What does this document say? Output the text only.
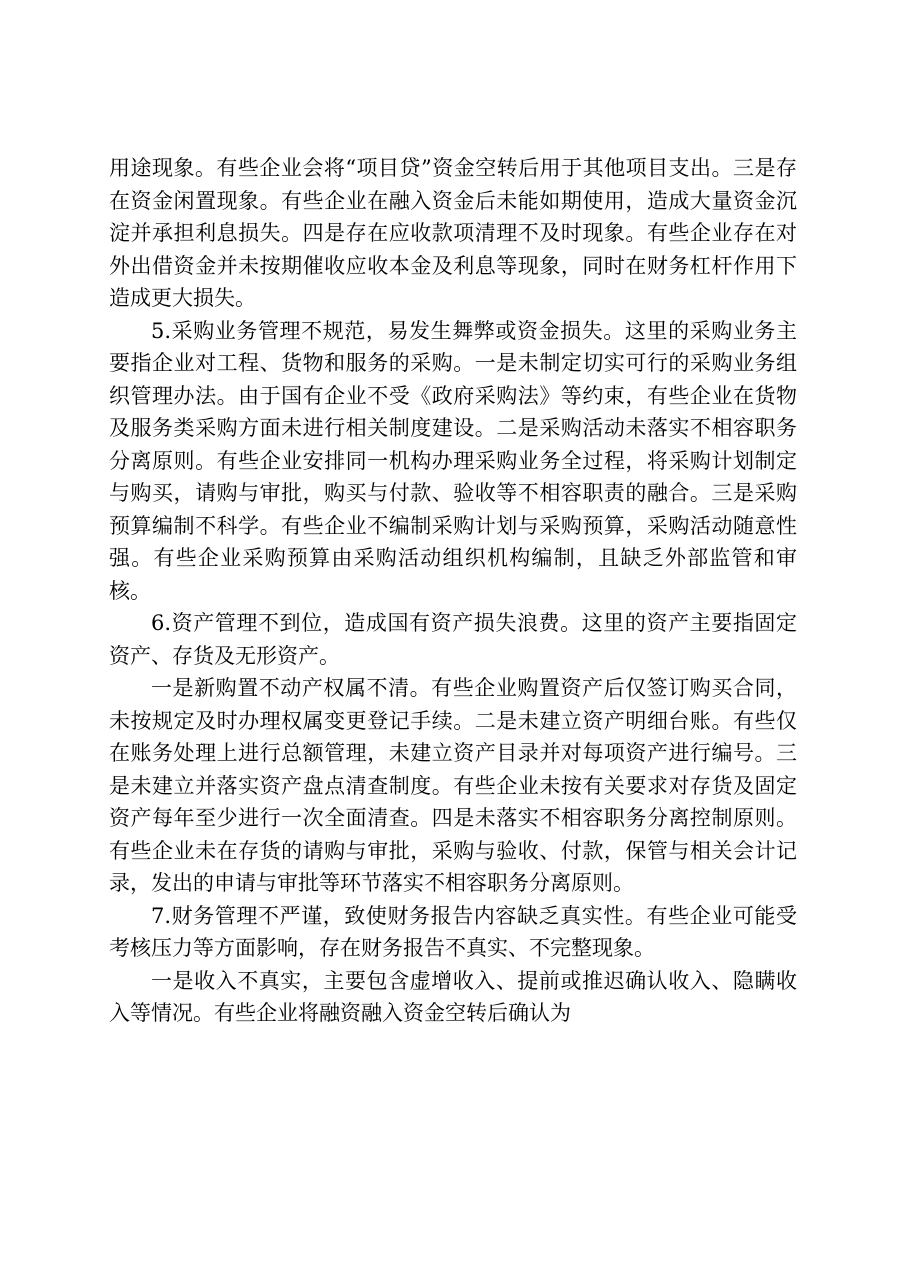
用途现象。有些企业会将“项目贷”资金空转后用于其他项目支出。三是存在资金闲置现象。有些企业在融入资金后未能如期使用，造成大量资金沉淀并承担利息损失。四是存在应收款项清理不及时现象。有些企业存在对外出借资金并未按期催收应收本金及利息等现象，同时在财务杠杆作用下造成更大损失。

5.采购业务管理不规范，易发生舞弊或资金损失。这里的采购业务主要指企业对工程、货物和服务的采购。一是未制定切实可行的采购业务组织管理办法。由于国有企业不受《政府采购法》等约束，有些企业在货物及服务类采购方面未进行相关制度建设。二是采购活动未落实不相容职务分离原则。有些企业安排同一机构办理采购业务全过程，将采购计划制定与购买，请购与审批，购买与付款、验收等不相容职责的融合。三是采购预算编制不科学。有些企业不编制采购计划与采购预算，采购活动随意性强。有些企业采购预算由采购活动组织机构编制，且缺乏外部监管和审核。

6.资产管理不到位，造成国有资产损失浪费。这里的资产主要指固定资产、存货及无形资产。

一是新购置不动产权属不清。有些企业购置资产后仅签订购买合同，未按规定及时办理权属变更登记手续。二是未建立资产明细台账。有些仅在账务处理上进行总额管理，未建立资产目录并对每项资产进行编号。三是未建立并落实资产盘点清查制度。有些企业未按有关要求对存货及固定资产每年至少进行一次全面清查。四是未落实不相容职务分离控制原则。有些企业未在存货的请购与审批，采购与验收、付款，保管与相关会计记录，发出的申请与审批等环节落实不相容职务分离原则。

7.财务管理不严谨，致使财务报告内容缺乏真实性。有些企业可能受考核压力等方面影响，存在财务报告不真实、不完整现象。

一是收入不真实，主要包含虚增收入、提前或推迟确认收入、隐瞒收入等情况。有些企业将融资融入资金空转后确认为
